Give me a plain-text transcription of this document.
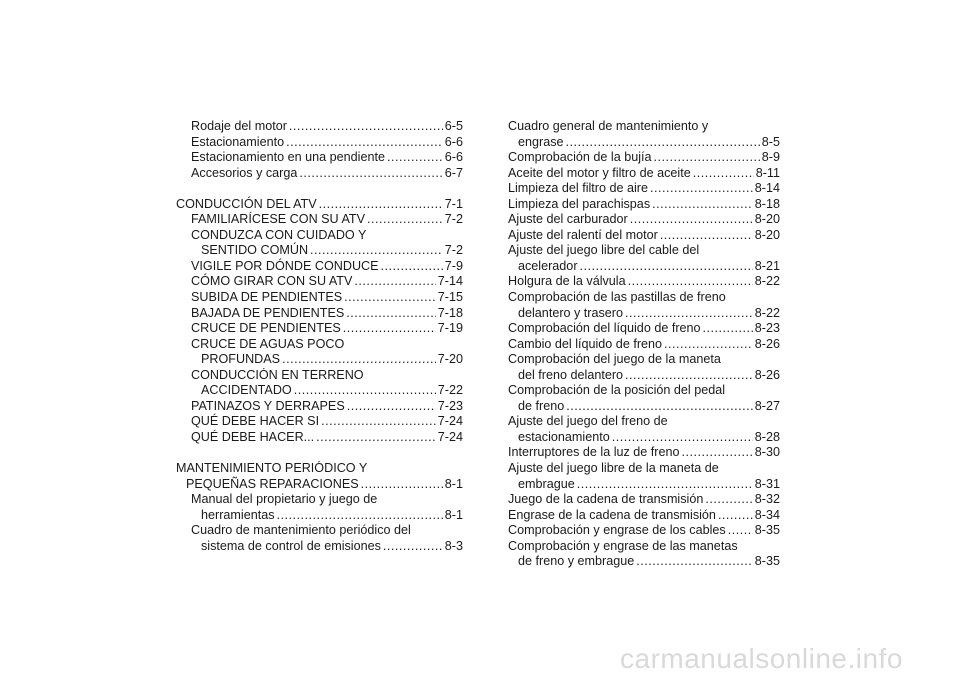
Rodaje del motor .....	6-5
Estacionamiento .....	6-6
Estacionamiento en una pendiente .....	6-6
Accesorios y carga .....	6-7
CONDUCCIÓN DEL ATV .....	7-1
FAMILIARÍCESE CON SU ATV .....	7-2
CONDUZCA CON CUIDADO Y
SENTIDO COMÚN .....	7-2
VIGILE POR DÓNDE CONDUCE .....	7-9
CÓMO GIRAR CON SU ATV .....	7-14
SUBIDA DE PENDIENTES .....	7-15
BAJADA DE PENDIENTES .....	7-18
CRUCE DE PENDIENTES .....	7-19
CRUCE DE AGUAS POCO
PROFUNDAS .....	7-20
CONDUCCIÓN EN TERRENO
ACCIDENTADO .....	7-22
PATINAZOS Y DERRAPES .....	7-23
QUÉ DEBE HACER SI .....	7-24
QUÉ DEBE HACER... .....	7-24
MANTENIMIENTO PERIÓDICO Y
PEQUEÑAS REPARACIONES .....	8-1
Manual del propietario y juego de
herramientas .....	8-1
Cuadro de mantenimiento periódico del
sistema de control de emisiones .....	8-3
Cuadro general de mantenimiento y
engrase .....	8-5
Comprobación de la bujía .....	8-9
Aceite del motor y filtro de aceite .....	8-11
Limpieza del filtro de aire .....	8-14
Limpieza del parachispas .....	8-18
Ajuste del carburador .....	8-20
Ajuste del ralentí del motor .....	8-20
Ajuste del juego libre del cable del
acelerador .....	8-21
Holgura de la válvula .....	8-22
Comprobación de las pastillas de freno
delantero y trasero .....	8-22
Comprobación del líquido de freno .....	8-23
Cambio del líquido de freno .....	8-26
Comprobación del juego de la maneta
del freno delantero .....	8-26
Comprobación de la posición del pedal
de freno .....	8-27
Ajuste del juego del freno de
estacionamiento .....	8-28
Interruptores de la luz de freno .....	8-30
Ajuste del juego libre de la maneta de
embrague .....	8-31
Juego de la cadena de transmisión .....	8-32
Engrase de la cadena de transmisión .....	8-34
Comprobación y engrase de los cables ..... 8-35
Comprobación y engrase de las manetas
de freno y embrague .....	8-35
carmanualsonline.info
